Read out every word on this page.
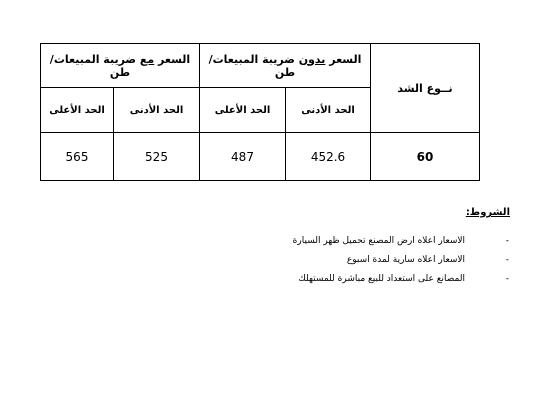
السعر مع ضريبة المبيعات/ طن		السعر بدون ضريبة المبيعات/ طن		نــوع الشد
الحد الأعلى	الحد الأدنى	الحد الأعلى	الحد الأدنى	
565	525	487	452.6	60
الشروط:
-
الاسعار اعلاه ارض المصنع تحميل ظهر السيارة
-
الاسعار اعلاه سارية لمدة اسبوع
-
المصانع على استعداد للبيع مباشرة للمستهلك
